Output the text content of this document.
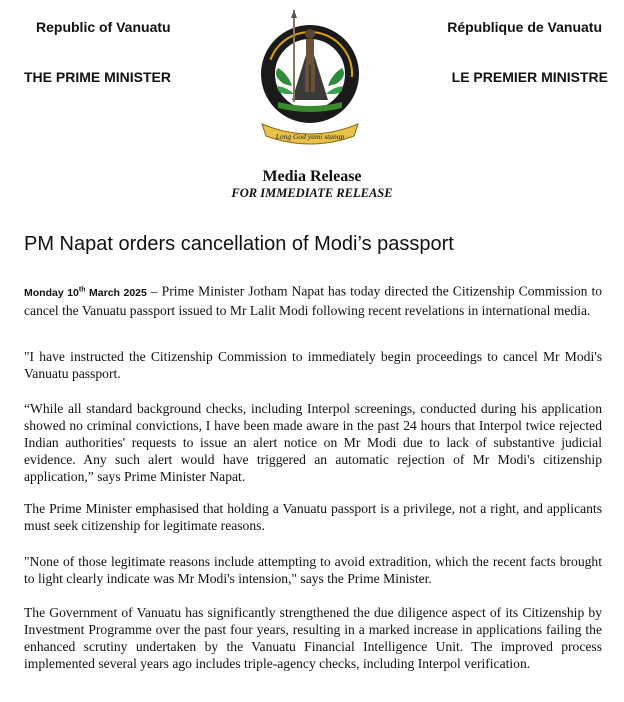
Republic of Vanuatu	République de Vanuatu
THE PRIME MINISTER	LE PREMIER MINISTRE
Long God yumi stanap
Media Release
FOR IMMEDIATE RELEASE
PM Napat orders cancellation of Modi’s passport

Monday 10th March 2025 – Prime Minister Jotham Napat has today directed the Citizenship Commission to cancel the Vanuatu passport issued to Mr Lalit Modi following recent revelations in international media.

"I have instructed the Citizenship Commission to immediately begin proceedings to cancel Mr Modi's Vanuatu passport.

“While all standard background checks, including Interpol screenings, conducted during his application showed no criminal convictions, I have been made aware in the past 24 hours that Interpol twice rejected Indian authorities' requests to issue an alert notice on Mr Modi due to lack of substantive judicial evidence. Any such alert would have triggered an automatic rejection of Mr Modi's citizenship application,” says Prime Minister Napat.

The Prime Minister emphasised that holding a Vanuatu passport is a privilege, not a right, and applicants must seek citizenship for legitimate reasons.

"None of those legitimate reasons include attempting to avoid extradition, which the recent facts brought to light clearly indicate was Mr Modi's intension," says the Prime Minister.

The Government of Vanuatu has significantly strengthened the due diligence aspect of its Citizenship by Investment Programme over the past four years, resulting in a marked increase in applications failing the enhanced scrutiny undertaken by the Vanuatu Financial Intelligence Unit. The improved process implemented several years ago includes triple-agency checks, including Interpol verification.
